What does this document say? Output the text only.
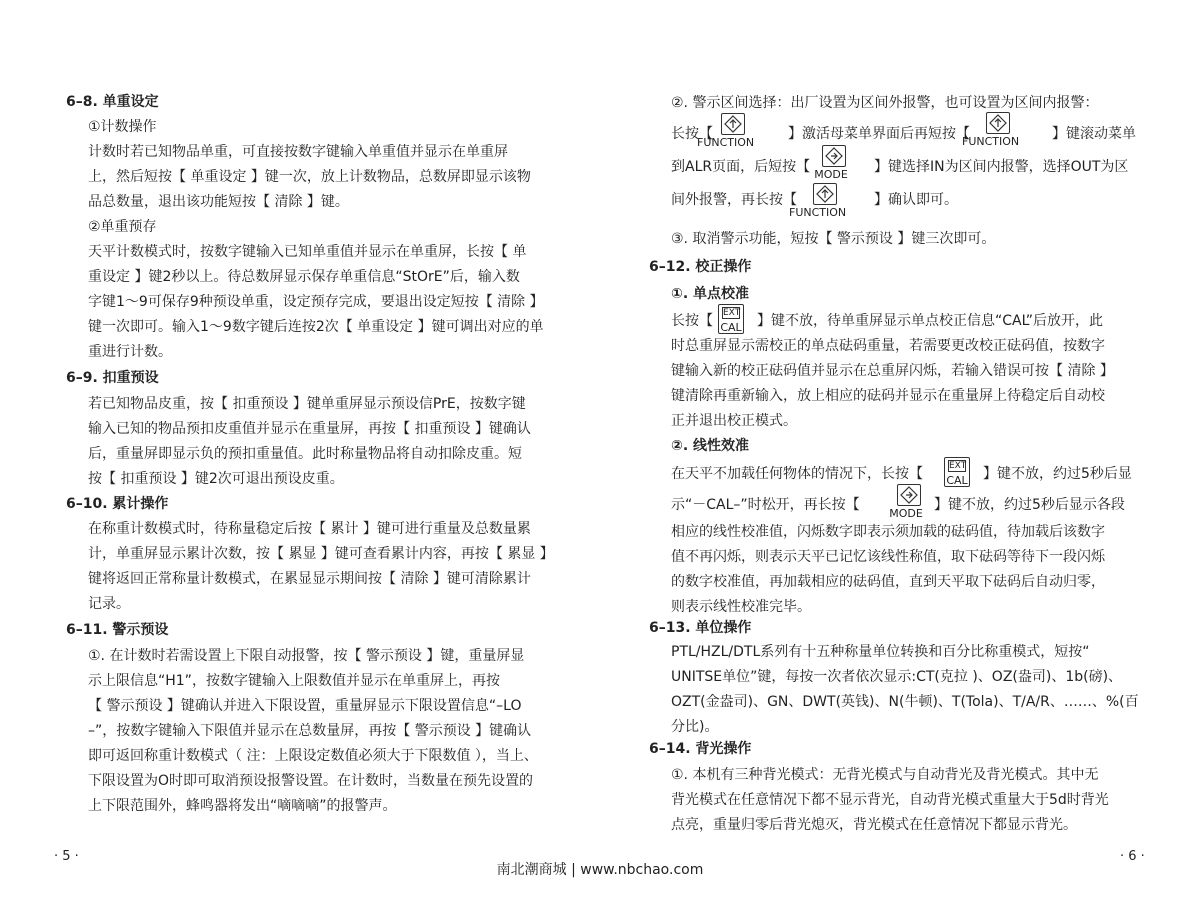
6–8. 单重设定
①计数操作
计数时若已知物品单重，可直接按数字键输入单重值并显示在单重屏
上，然后短按【 单重设定 】键一次，放上计数物品，总数屏即显示该物
品总数量，退出该功能短按【 清除 】键。
②单重预存
天平计数模式时，按数字键输入已知单重值并显示在单重屏，长按【 单
重设定 】键2秒以上。待总数屏显示保存单重信息“StOrE”后，输入数
字键1～9可保存9种预设单重，设定预存完成，要退出设定短按【 清除 】
键一次即可。输入1～9数字键后连按2次【 单重设定 】键可调出对应的单
重进行计数。
6–9. 扣重预设
若已知物品皮重，按【 扣重预设 】键单重屏显示预设信PrE，按数字键
输入已知的物品预扣皮重值并显示在重量屏，再按【 扣重预设 】键确认
后，重量屏即显示负的预扣重量值。此时称量物品将自动扣除皮重。短
按【 扣重预设 】键2次可退出预设皮重。
6–10. 累计操作
在称重计数模式时，待称量稳定后按【 累计 】键可进行重量及总数量累
计，单重屏显示累计次数，按【 累显 】键可查看累计内容，再按【 累显 】
键将返回正常称量计数模式，在累显显示期间按【 清除 】键可清除累计
记录。
6–11. 警示预设
①. 在计数时若需设置上下限自动报警，按【 警示预设 】键，重量屏显
示上限信息“H1”，按数字键输入上限数值并显示在单重屏上，再按
【 警示预设 】键确认并进入下限设置，重量屏显示下限设置信息“–LO
–”，按数字键输入下限值并显示在总数量屏，再按【 警示预设 】键确认
即可返回称重计数模式（ 注：上限设定数值必须大于下限数值 ），当上、
下限设置为O时即可取消预设报警设置。在计数时，当数量在预先设置的
上下限范围外，蜂鸣器将发出“嘀嘀嘀”的报警声。
②. 警示区间选择：出厂设置为区间外报警，也可设置为区间内报警：
长按【	】激活母菜单界面后再短按【	】键滚动菜单
到ALR页面，后短按【	】键选择IN为区间内报警，选择OUT为区
间外报警，再长按【	】确认即可。
③. 取消警示功能，短按【 警示预设 】键三次即可。
6–12. 校正操作
①. 单点校准
长按【	】键不放，待单重屏显示单点校正信息“CAL”后放开，此
时总重屏显示需校正的单点砝码重量，若需要更改校正砝码值，按数字
键输入新的校正砝码值并显示在总重屏闪烁，若输入错误可按【 清除 】
键清除再重新输入，放上相应的砝码并显示在重量屏上待稳定后自动校
正并退出校正模式。
②. 线性效准
在天平不加载任何物体的情况下，长按【	】键不放，约过5秒后显
示“－CAL–”时松开，再长按【	】键不放，约过5秒后显示各段
相应的线性校准值，闪烁数字即表示须加载的砝码值，待加载后该数字
值不再闪烁，则表示天平已记忆该线性称值，取下砝码等待下一段闪烁
的数字校准值，再加载相应的砝码值，直到天平取下砝码后自动归零，
则表示线性校准完毕。
6–13. 单位操作
PTL/HZL/DTL系列有十五种称量单位转换和百分比称重模式，短按“
UNITSE单位”键，每按一次者依次显示:CT(克拉 )、OZ(盎司)、1b(磅)、
OZT(金盎司)、GN、DWT(英钱)、N(牛顿)、T(Tola)、T/A/R、……、%(百
分比)。
6–14. 背光操作
①. 本机有三种背光模式：无背光模式与自动背光及背光模式。其中无
背光模式在任意情况下都不显示背光，自动背光模式重量大于5d时背光
点亮，重量归零后背光熄灭，背光模式在任意情况下都显示背光。
FUNCTION	FUNCTION
MODE
FUNCTION
EXT
CAL
EXT
CAL
MODE
· 5 ·	· 6 ·
南北潮商城 | www.nbchao.com
